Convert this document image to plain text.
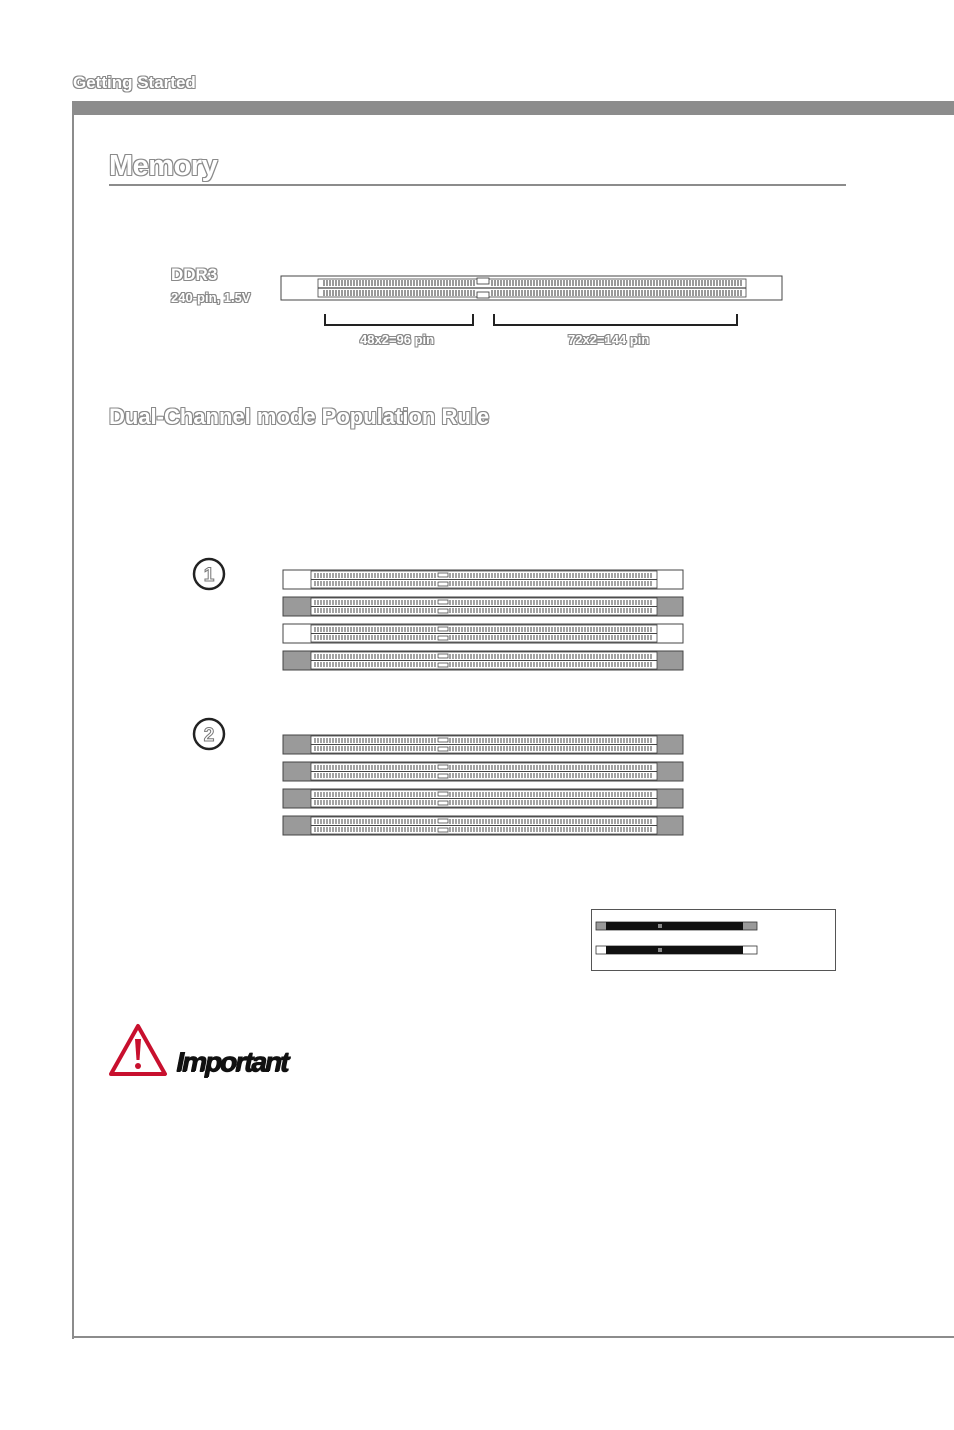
Getting Started
Memory
DDR3
240-pin, 1.5V
48x2=96 pin	72x2=144 pin
Dual-Channel mode Population Rule
1
2
Important
